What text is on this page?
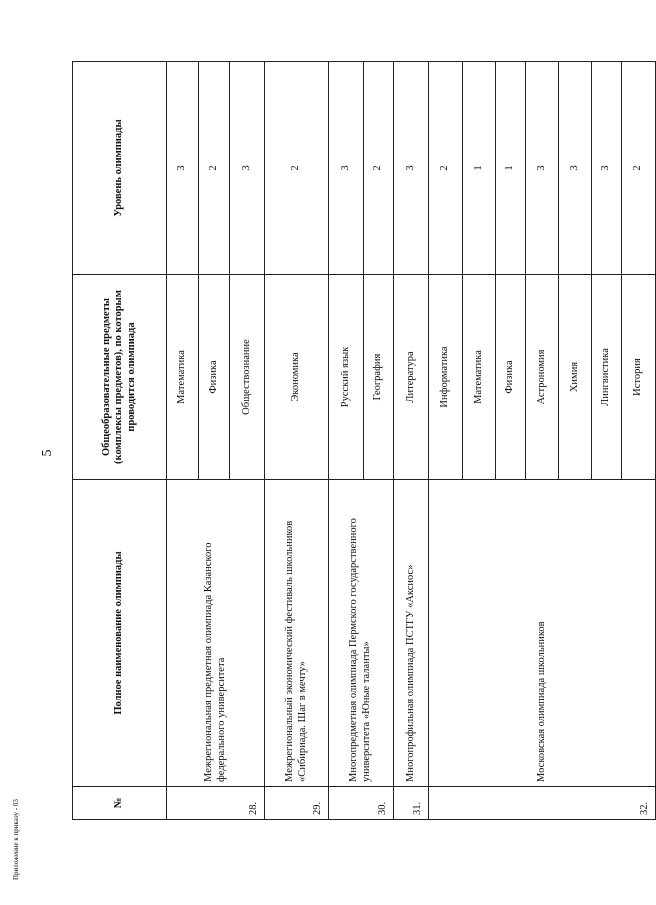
5
Приложение к приказу - 03	№	Полное наименование олимпиады	Общеобразовательные предметы (комплексы предметов), по которым проводится олимпиада	Уровень олимпиады
28.	Межрегиональная предметная олимпиада Казанского федерального университета	Математика	3
		Физика	2
		Обществознание	3
29.	Межрегиональный экономический фестиваль школьников «Сибириада. Шаг в мечту»	Экономика	2
30.	Многопредметная олимпиада Пермского государственного университета «Юные таланты»	Русский язык	3
		География	2
31.	Многопрофильная олимпиада ПСТГУ «Аксиос»	Литература	3
32.	Московская олимпиада школьников	Информатика	2
		Математика	1
		Физика	1
		Астрономия	3
		Химия	3
		Лингвистика	3
		История	2
